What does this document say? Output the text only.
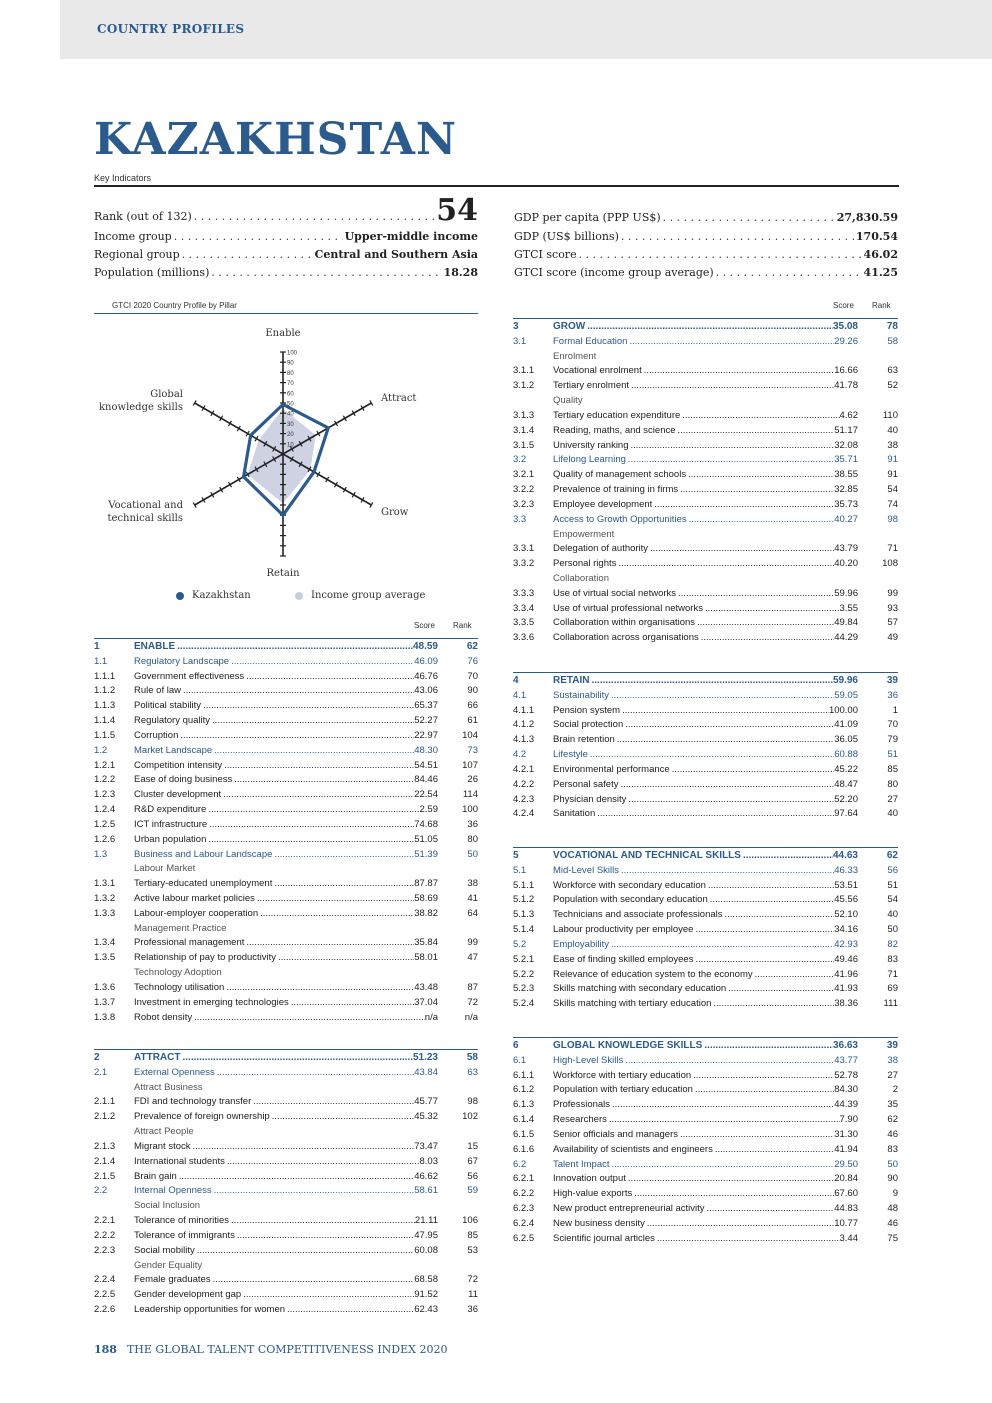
COUNTRY PROFILES
KAZAKHSTAN
Key Indicators
Rank (out of 132) . . .	54
Income group . . .	Upper-middle income
Regional group . . .	Central and Southern Asia
Population (millions) . . .	18.28
GDP per capita (PPP US$) . . .	27,830.59
GDP (US$ billions) . . .	170.54
GTCI score . . .	46.02
GTCI score (income group average) . . .	41.25
GTCI 2020 Country Profile by Pillar	Score Rank
10
20
30
40
50
60
70
80
90
100
Enable
Attract
Grow
Retain
Vocational and
technical skills
Global
knowledge skills
Kazakhstan	Income group average
Score Rank
1	ENABLE .....	48.59	62
1.1	Regulatory Landscape .....	46.09	76
1.1.1	Government effectiveness .....	46.76	70
1.1.2	Rule of law .....	43.06	90
1.1.3	Political stability .....	65.37	66
1.1.4	Regulatory quality .....	52.27	61
1.1.5	Corruption .....	22.97	104
1.2	Market Landscape .....	48.30	73
1.2.1	Competition intensity .....	54.51	107
1.2.2	Ease of doing business .....	84.46	26
1.2.3	Cluster development .....	22.54	114
1.2.4	R&D expenditure .....	2.59	100
1.2.5	ICT infrastructure .....	74.68	36
1.2.6	Urban population .....	51.05	80
1.3	Business and Labour Landscape .....	51.39	50
Labour Market
1.3.1	Tertiary-educated unemployment .....	87.87	38
1.3.2	Active labour market policies .....	58.69	41
1.3.3	Labour-employer cooperation .....	38.82	64
Management Practice
1.3.4	Professional management .....	35.84	99
1.3.5	Relationship of pay to productivity .....	58.01	47
Technology Adoption
1.3.6	Technology utilisation .....	43.48	87
1.3.7	Investment in emerging technologies .....	37.04	72
1.3.8	Robot density .....	n/a	n/a
2	ATTRACT .....	51.23	58
2.1	External Openness .....	43.84	63
Attract Business
2.1.1	FDI and technology transfer .....	45.77	98
2.1.2	Prevalence of foreign ownership .....	45.32	102
Attract People
2.1.3	Migrant stock .....	73.47	15
2.1.4	International students .....	8.03	67
2.1.5	Brain gain .....	46.62	56
2.2	Internal Openness .....	58.61	59
Social Inclusion
2.2.1	Tolerance of minorities .....	21.11	106
2.2.2	Tolerance of immigrants .....	47.95	85
2.2.3	Social mobility .....	60.08	53
Gender Equality
2.2.4	Female graduates .....	68.58	72
2.2.5	Gender development gap .....	91.52	11
2.2.6	Leadership opportunities for women .....	62.43	36
3	GROW .....	35.08	78
3.1	Formal Education .....	29.26	58
Enrolment
3.1.1	Vocational enrolment .....	16.66	63
3.1.2	Tertiary enrolment .....	41.78	52
Quality
3.1.3	Tertiary education expenditure .....	4.62	110
3.1.4	Reading, maths, and science .....	51.17	40
3.1.5	University ranking .....	32.08	38
3.2	Lifelong Learning .....	35.71	91
3.2.1	Quality of management schools .....	38.55	91
3.2.2	Prevalence of training in firms .....	32.85	54
3.2.3	Employee development .....	35.73	74
3.3	Access to Growth Opportunities .....	40.27	98
Empowerment
3.3.1	Delegation of authority .....	43.79	71
3.3.2	Personal rights .....	40.20	108
Collaboration
3.3.3	Use of virtual social networks .....	59.96	99
3.3.4	Use of virtual professional networks .....	3.55	93
3.3.5	Collaboration within organisations .....	49.84	57
3.3.6	Collaboration across organisations .....	44.29	49
4	RETAIN .....	59.96	39
4.1	Sustainability .....	59.05	36
4.1.1	Pension system .....	100.00	1
4.1.2	Social protection .....	41.09	70
4.1.3	Brain retention .....	36.05	79
4.2	Lifestyle .....	60.88	51
4.2.1	Environmental performance .....	45.22	85
4.2.2	Personal safety .....	48.47	80
4.2.3	Physician density .....	52.20	27
4.2.4	Sanitation .....	97.64	40
5	VOCATIONAL AND TECHNICAL SKILLS .....	44.63	62
5.1	Mid-Level Skills .....	46.33	56
5.1.1	Workforce with secondary education .....	53.51	51
5.1.2	Population with secondary education .....	45.56	54
5.1.3	Technicians and associate professionals .....	52.10	40
5.1.4	Labour productivity per employee .....	34.16	50
5.2	Employability .....	42.93	82
5.2.1	Ease of finding skilled employees .....	49.46	83
5.2.2	Relevance of education system to the economy .....	41.96	71
5.2.3	Skills matching with secondary education .....	41.93	69
5.2.4	Skills matching with tertiary education .....	38.36	111
6	GLOBAL KNOWLEDGE SKILLS .....	36.63	39
6.1	High-Level Skills .....	43.77	38
6.1.1	Workforce with tertiary education .....	52.78	27
6.1.2	Population with tertiary education .....	84.30	2
6.1.3	Professionals .....	44.39	35
6.1.4	Researchers .....	7.90	62
6.1.5	Senior officials and managers .....	31.30	46
6.1.6	Availability of scientists and engineers .....	41.94	83
6.2	Talent Impact .....	29.50	50
6.2.1	Innovation output .....	20.84	90
6.2.2	High-value exports .....	67.60	9
6.2.3	New product entrepreneurial activity .....	44.83	48
6.2.4	New business density .....	10.77	46
6.2.5	Scientific journal articles .....	3.44	75
188 THE GLOBAL TALENT COMPETITIVENESS INDEX 2020
